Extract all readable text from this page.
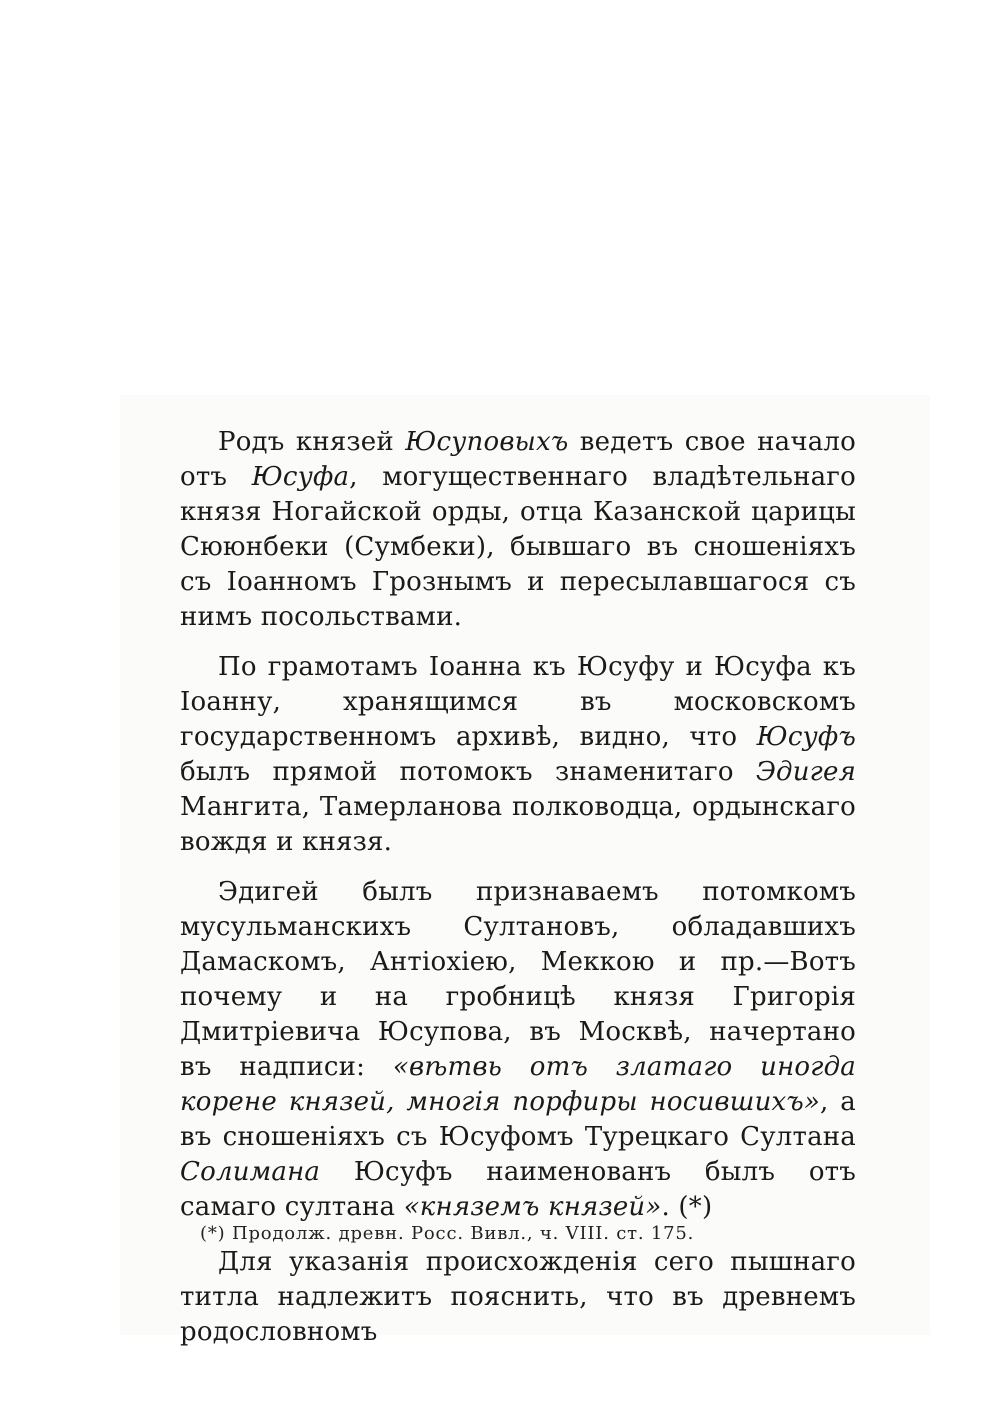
Родъ князей Юсуповыхъ ведетъ свое начало отъ Юсуфа, могущественнаго владѣтельнаго князя Ногайской орды, отца Казанской царицы Сююнбеки (Сумбеки), бывшаго въ сношеніяхъ съ Іоанномъ Грознымъ и пересылавшагося съ нимъ посольствами.

По грамотамъ Іоанна къ Юсуфу и Юсуфа къ Іоанну, хранящимся въ московскомъ государственномъ архивѣ, видно, что Юсуфъ былъ прямой потомокъ знаменитаго Эдигея Мангита, Тамерланова полководца, ордынскаго вождя и князя.

Эдигей былъ признаваемъ потомкомъ мусульманскихъ Султановъ, обладавшихъ Дамаскомъ, Антіохіею, Меккою и пр.—Вотъ почему и на гробницѣ князя Григорія Дмитріевича Юсупова, въ Москвѣ, начертано въ надписи: «вѣтвь отъ златаго иногда корене князей, многія порфиры носившихъ», а въ сношеніяхъ съ Юсуфомъ Турецкаго Султана Солимана Юсуфъ наименованъ былъ отъ самаго султана «княземъ князей». (*)

Для указанія происхожденія сего пышнаго титла надлежитъ пояснить, что въ древнемъ родословномъ

(*) Продолж. древн. Росс. Вивл., ч. VIII. ст. 175.
